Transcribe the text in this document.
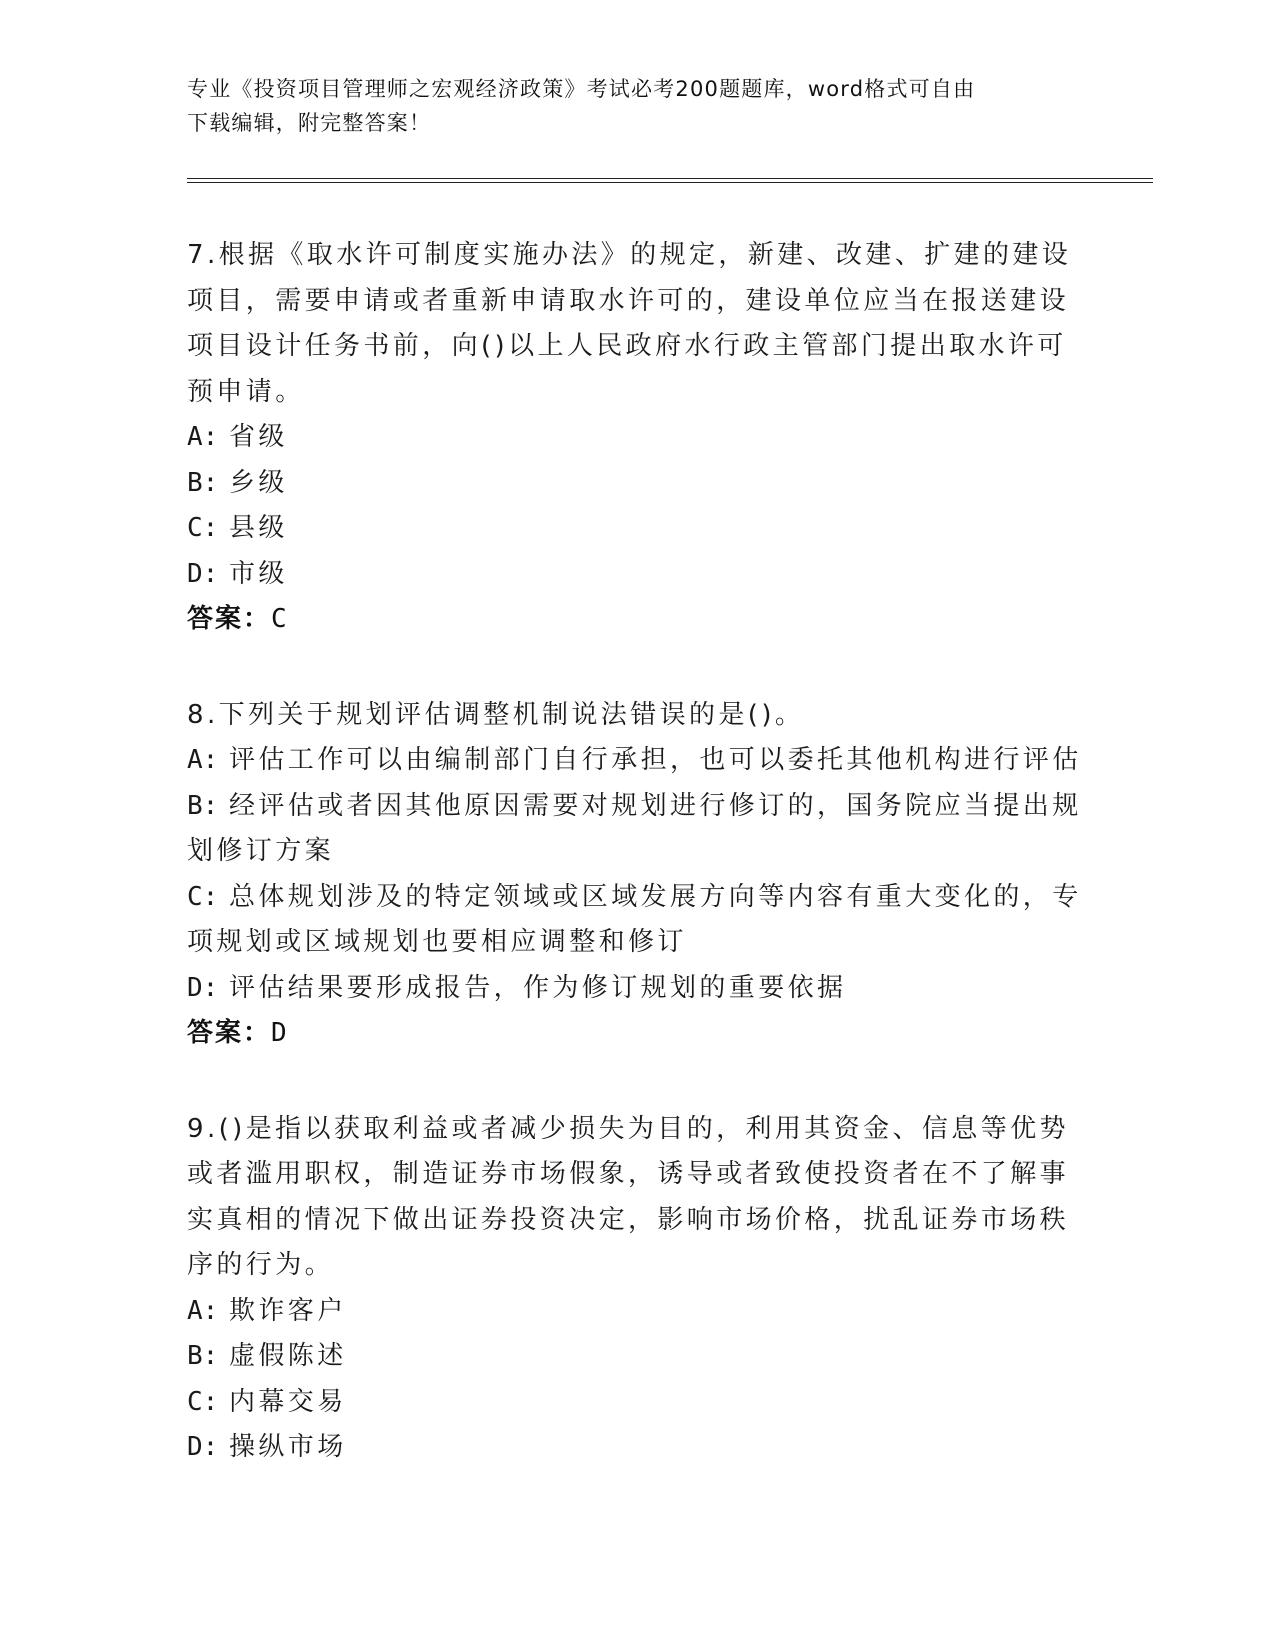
专业《投资项目管理师之宏观经济政策》考试必考200题题库，word格式可自由
下载编辑，附完整答案！
7.根据《取水许可制度实施办法》的规定，新建、改建、扩建的建设项目，需要申请或者重新申请取水许可的，建设单位应当在报送建设项目设计任务书前，向()以上人民政府水行政主管部门提出取水许可预申请。
A: 省级
B: 乡级
C: 县级
D: 市级
答案：C
8.下列关于规划评估调整机制说法错误的是()。
A: 评估工作可以由编制部门自行承担，也可以委托其他机构进行评估
B: 经评估或者因其他原因需要对规划进行修订的，国务院应当提出规划修订方案
C: 总体规划涉及的特定领域或区域发展方向等内容有重大变化的，专项规划或区域规划也要相应调整和修订
D: 评估结果要形成报告，作为修订规划的重要依据
答案：D
9.()是指以获取利益或者减少损失为目的，利用其资金、信息等优势或者滥用职权，制造证券市场假象，诱导或者致使投资者在不了解事实真相的情况下做出证券投资决定，影响市场价格，扰乱证券市场秩序的行为。
A: 欺诈客户
B: 虚假陈述
C: 内幕交易
D: 操纵市场
